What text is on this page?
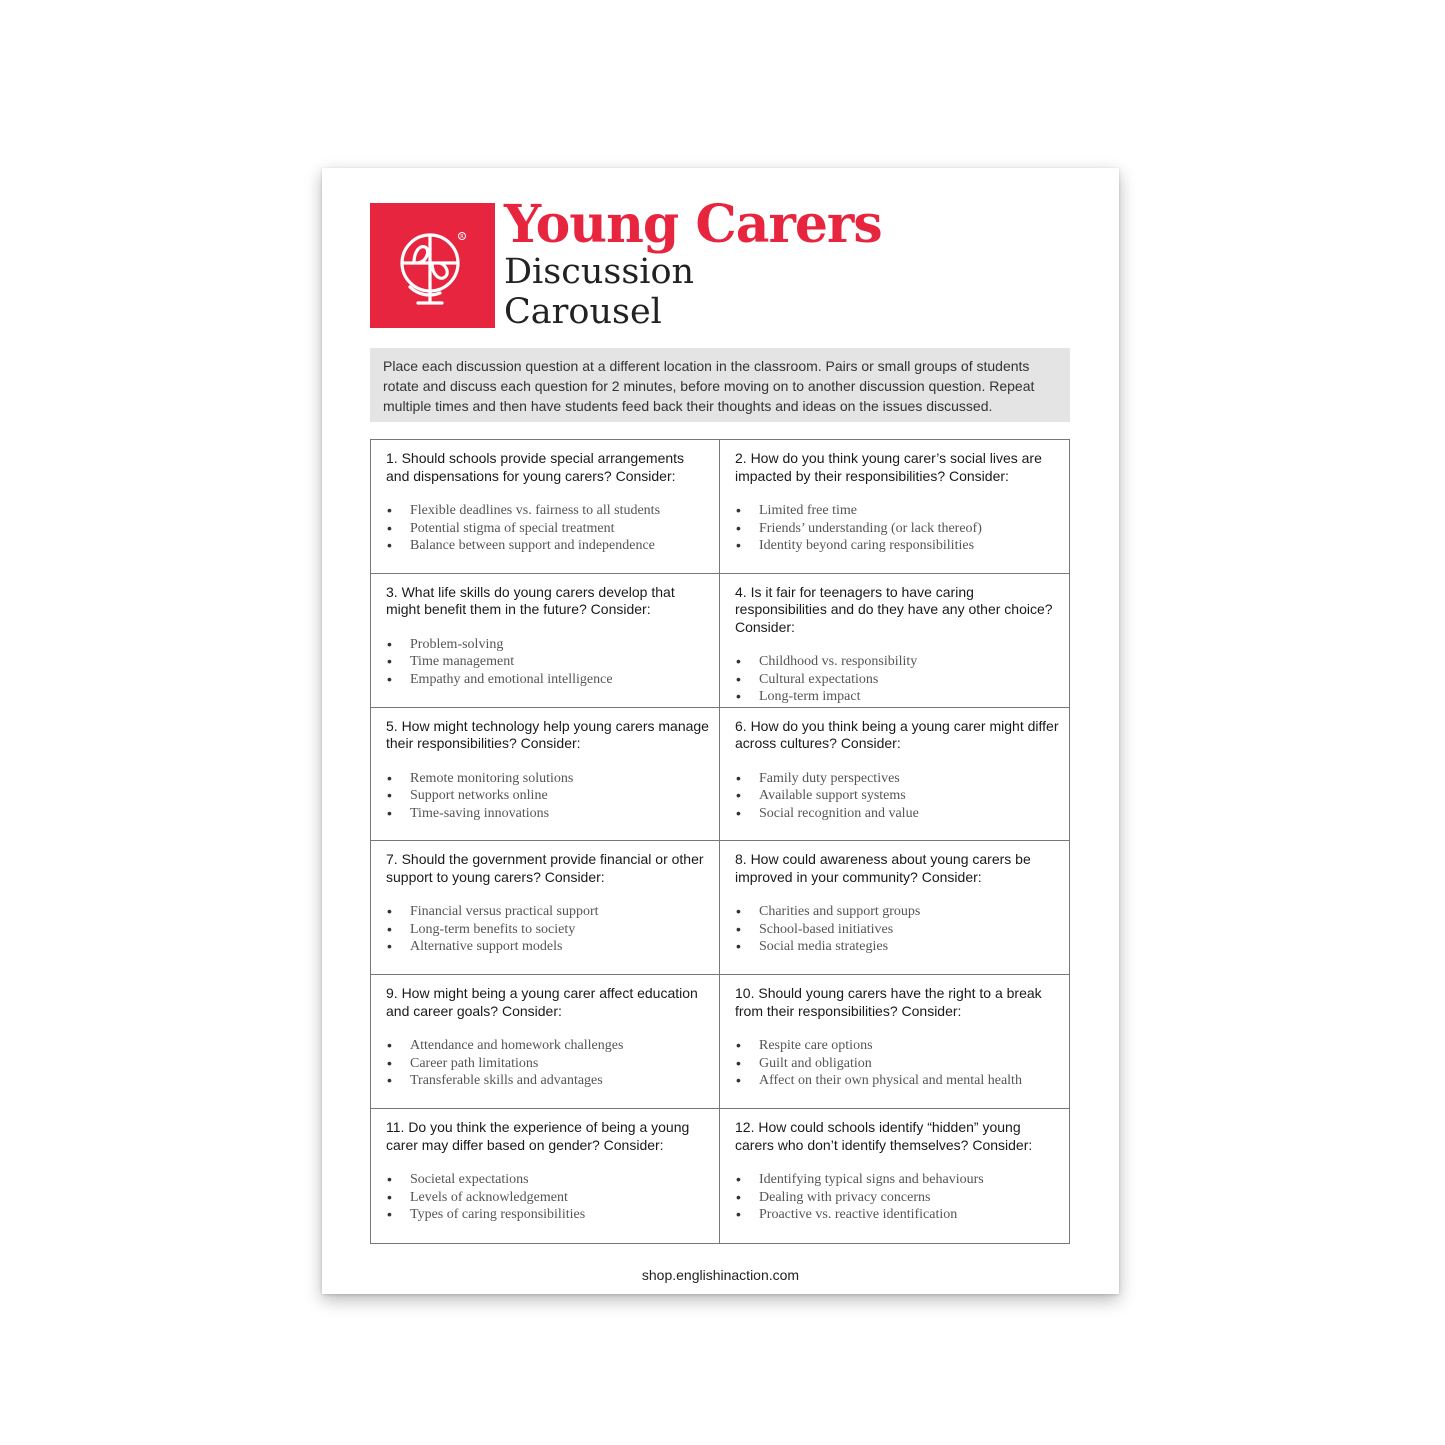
R Young Carers
Discussion
Carousel
Place each discussion question at a different location in the classroom. Pairs or small groups of students rotate and discuss each question for 2 minutes, before moving on to another discussion question. Repeat multiple times and then have students feed back their thoughts and ideas on the issues discussed.
1. Should schools provide special arrangements and dispensations for young carers? Consider:
• Flexible deadlines vs. fairness to all students
• Potential stigma of special treatment
• Balance between support and independence
2. How do you think young carer’s social lives are impacted by their responsibilities? Consider:
• Limited free time
• Friends’ understanding (or lack thereof)
• Identity beyond caring responsibilities
3. What life skills do young carers develop that might benefit them in the future? Consider:
• Problem-solving
• Time management
• Empathy and emotional intelligence
4. Is it fair for teenagers to have caring responsibilities and do they have any other choice? Consider:
• Childhood vs. responsibility
• Cultural expectations
• Long-term impact
5. How might technology help young carers manage their responsibilities? Consider:
• Remote monitoring solutions
• Support networks online
• Time-saving innovations
6. How do you think being a young carer might differ across cultures? Consider:
• Family duty perspectives
• Available support systems
• Social recognition and value
7. Should the government provide financial or other support to young carers? Consider:
• Financial versus practical support
• Long-term benefits to society
• Alternative support models
8. How could awareness about young carers be improved in your community? Consider:
• Charities and support groups
• School-based initiatives
• Social media strategies
9. How might being a young carer affect education and career goals? Consider:
• Attendance and homework challenges
• Career path limitations
• Transferable skills and advantages
10. Should young carers have the right to a break from their responsibilities? Consider:
• Respite care options
• Guilt and obligation
• Affect on their own physical and mental health
11. Do you think the experience of being a young carer may differ based on gender? Consider:
• Societal expectations
• Levels of acknowledgement
• Types of caring responsibilities
12. How could schools identify “hidden” young carers who don’t identify themselves? Consider:
• Identifying typical signs and behaviours
• Dealing with privacy concerns
• Proactive vs. reactive identification
shop.englishinaction.com
